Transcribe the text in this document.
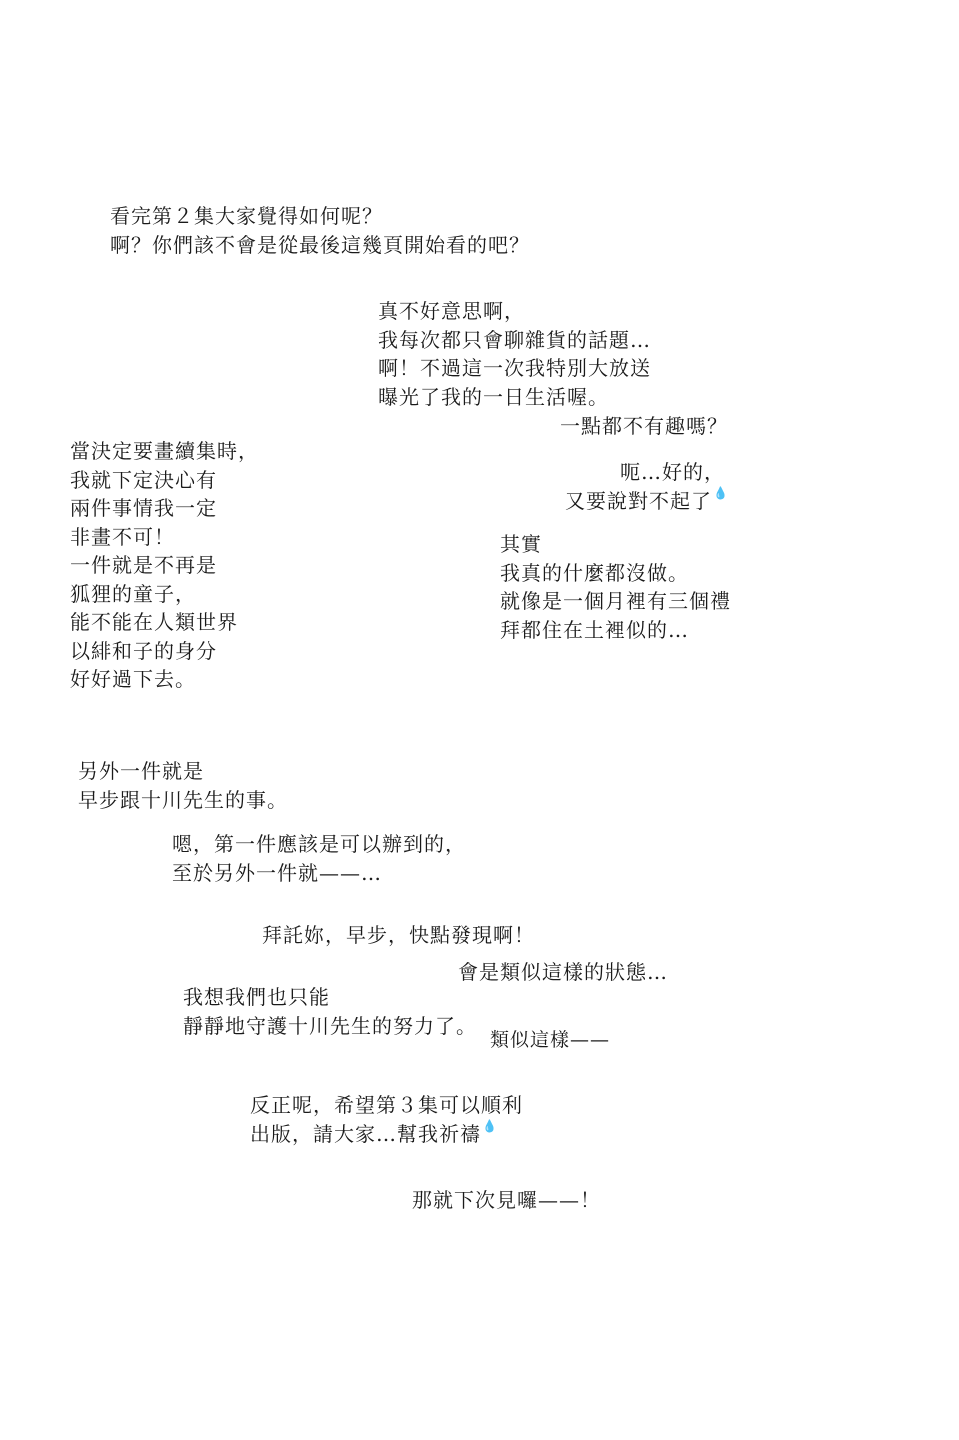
看完第２集大家覺得如何呢？
啊？你們該不會是從最後這幾頁開始看的吧？
真不好意思啊，
我每次都只會聊雜貨的話題…
啊！不過這一次我特別大放送
曝光了我的一日生活喔。
一點都不有趣嗎？
呃…好的，
又要說對不起了💧
其實
我真的什麼都沒做。
就像是一個月裡有三個禮
拜都住在土裡似的…
當決定要畫續集時，
我就下定決心有
兩件事情我一定
非畫不可！
一件就是不再是
狐狸的童子，
能不能在人類世界
以緋和子的身分
好好過下去。
另外一件就是
早步跟十川先生的事。
嗯，第一件應該是可以辦到的，
至於另外一件就——…
拜託妳，早步，快點發現啊！
會是類似這樣的狀態…
我想我們也只能
靜靜地守護十川先生的努力了。
類似這樣——
反正呢，希望第３集可以順利
出版，請大家…幫我祈禱💧
那就下次見囉——！
